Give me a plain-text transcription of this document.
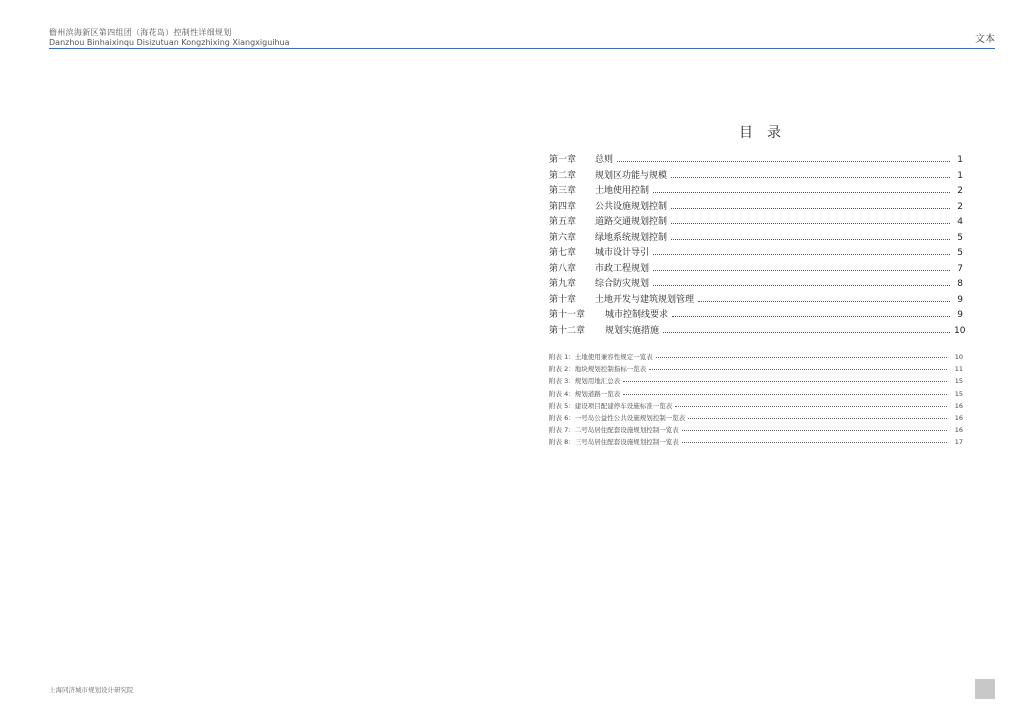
儋州滨海新区第四组团（海花岛）控制性详细规划
Danzhou Binhaixinqu Disizutuan Kongzhixing Xiangxiguihua	文本
目录
第一章	总则	1
第二章	规划区功能与规模	1
第三章	土地使用控制	2
第四章	公共设施规划控制	2
第五章	道路交通规划控制	4
第六章	绿地系统规划控制	5
第七章	城市设计导引	5
第八章	市政工程规划	7
第九章	综合防灾规划	8
第十章	土地开发与建筑规划管理	9
第十一章	城市控制线要求	9
第十二章	规划实施措施	10
附表 1：土地使用兼容性规定一览表	10
附表 2：地块规划控制指标一览表	11
附表 3：规划用地汇总表	15
附表 4：规划道路一览表	15
附表 5：建设项目配建停车设施标准一览表	16
附表 6：一号岛公益性公共设施规划控制一览表	16
附表 7：二号岛居住配套设施规划控制一览表	16
附表 8：三号岛居住配套设施规划控制一览表	17
上海同济城市规划设计研究院
